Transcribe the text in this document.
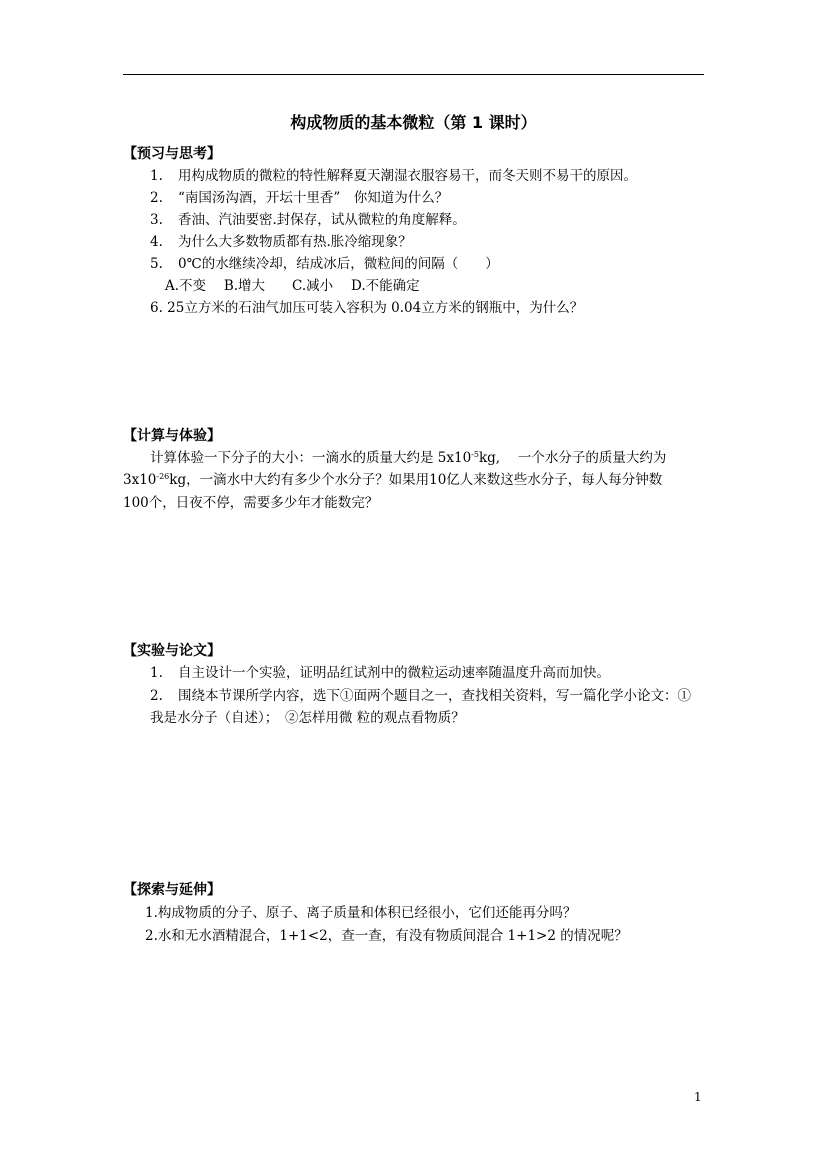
构成物质的基本微粒（第 1 课时）
【预习与思考】
1. 用构成物质的微粒的特性解释夏天潮湿衣服容易干，而冬天则不易干的原因。
2. “南国汤沟酒，开坛十里香”　你知道为什么？
3. 香油、汽油要密.封保存，试从微粒的角度解释。
4. 为什么大多数物质都有热.胀冷缩现象？
5. 0℃的水继续冷却，结成冰后，微粒间的间隔（　　）
A.不变　 B.增大　　C.减小　 D.不能确定
6. 25立方米的石油气加压可装入容积为 0.04立方米的钢瓶中，为什么？
【计算与体验】
计算体验一下分子的大小：一滴水的质量大约是 $5x10^{-5}kg$,　 一个水分子的质量大约为
$3x10^{-26}kg$，一滴水中大约有多少个水分子？如果用10亿人来数这些水分子，每人每分钟数
100个，日夜不停，需要多少年才能数完？
【实验与论文】
1. 自主设计一个实验，证明品红试剂中的微粒运动速率随温度升高而加快。
2. 围绕本节课所学内容，选下①面两个题目之一，查找相关资料，写一篇化学小论文：①
我是水分子（自述）；　②怎样用微 粒的观点看物质？
【探索与延伸】
1.构成物质的分子、原子、离子质量和体积已经很小，它们还能再分吗？
2.水和无水酒精混合，1+1<2，查一查，有没有物质间混合 1+1>2 的情况呢？
1
